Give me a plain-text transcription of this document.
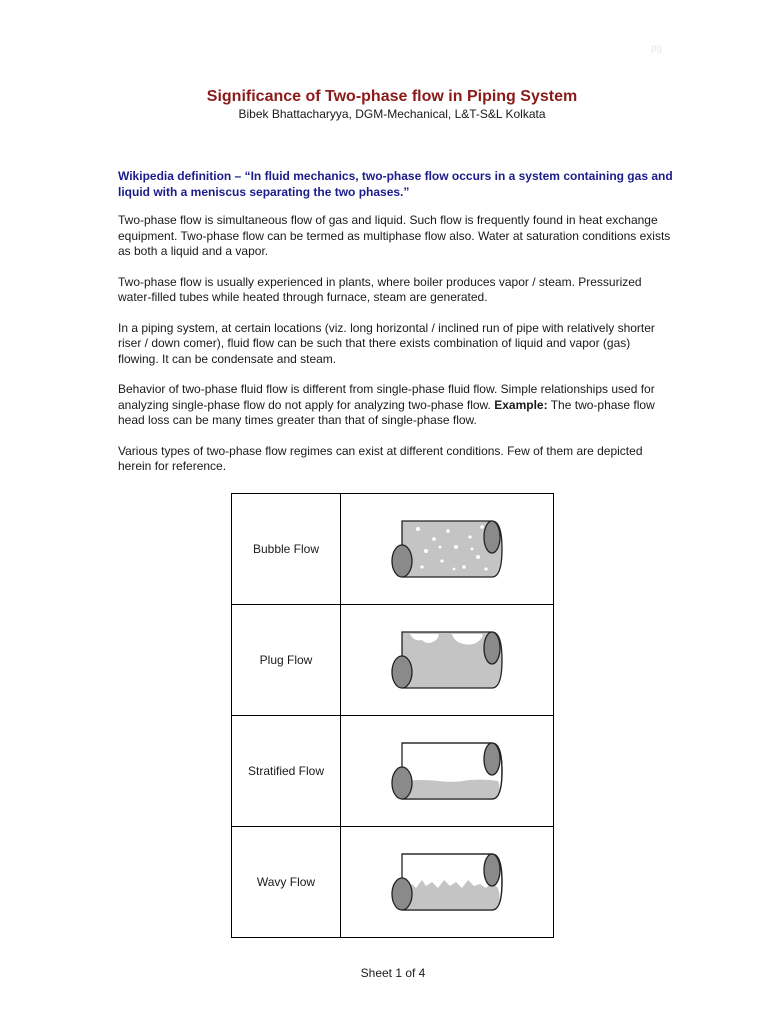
pg
Significance of Two-phase flow in Piping System

Bibek Bhattacharyya, DGM-Mechanical, L&T-S&L Kolkata

Wikipedia definition – “In fluid mechanics, two-phase flow occurs in a system containing gas and liquid with a meniscus separating the two phases.”

Two-phase flow is simultaneous flow of gas and liquid. Such flow is frequently found in heat exchange equipment. Two-phase flow can be termed as multiphase flow also. Water at saturation conditions exists as both a liquid and a vapor.

Two-phase flow is usually experienced in plants, where boiler produces vapor / steam. Pressurized water-filled tubes while heated through furnace, steam are generated.

In a piping system, at certain locations (viz. long horizontal / inclined run of pipe with relatively shorter riser / down comer), fluid flow can be such that there exists combination of liquid and vapor (gas) flowing. It can be condensate and steam.

Behavior of two-phase fluid flow is different from single-phase fluid flow. Simple relationships used for analyzing single-phase flow do not apply for analyzing two-phase flow. Example: The two-phase flow head loss can be many times greater than that of single-phase flow.

Various types of two-phase flow regimes can exist at different conditions. Few of them are depicted herein for reference.

Bubble Flow	

Plug Flow	

Stratified Flow	

Wavy Flow	
Sheet 1 of 4
